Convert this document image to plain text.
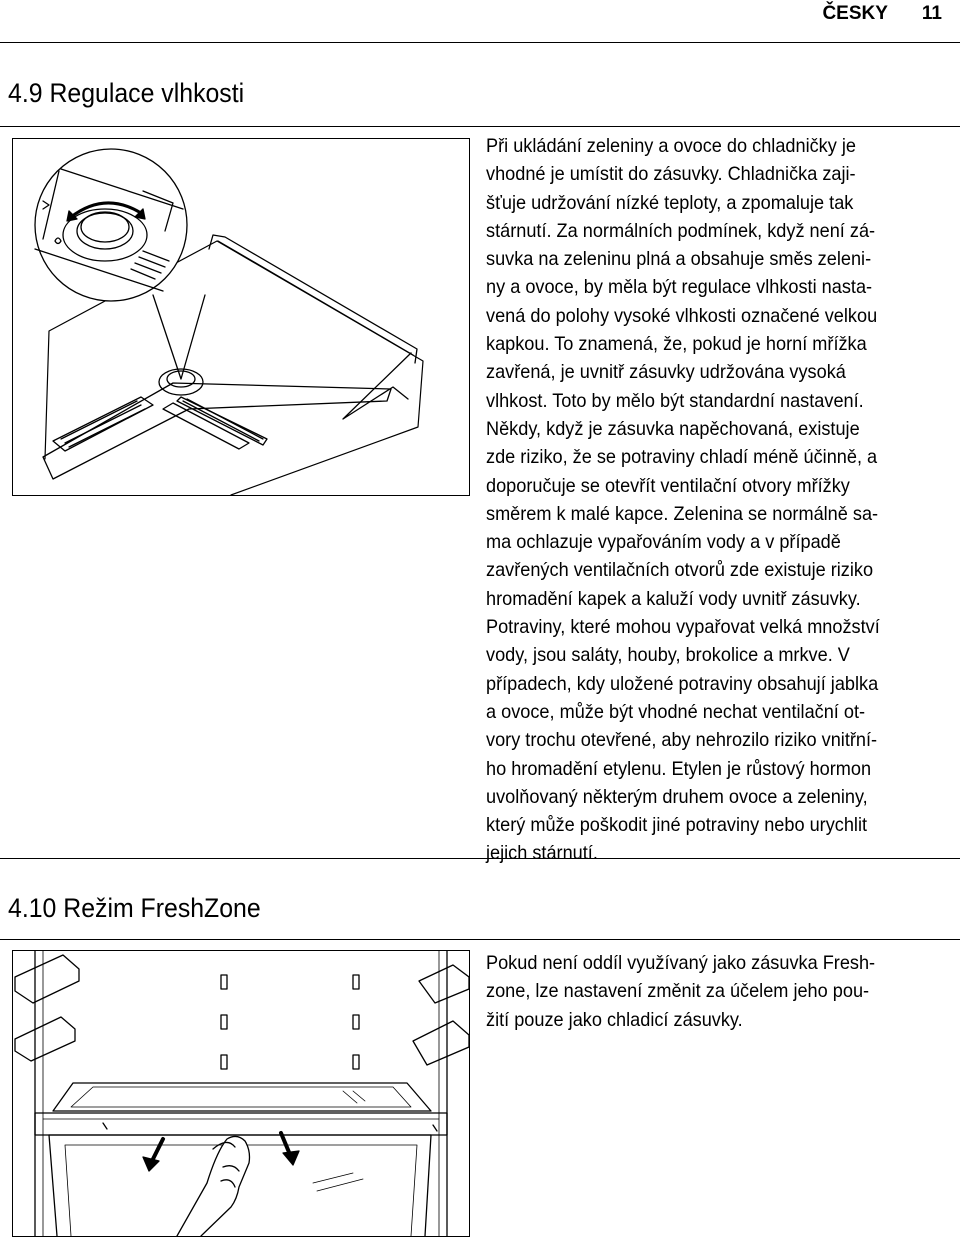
ČESKY 11
4.9 Regulace vlhkosti
Při ukládání zeleniny a ovoce do chladničky je
vhodné je umístit do zásuvky. Chladnička zaji-
šťuje udržování nízké teploty, a zpomaluje tak
stárnutí. Za normálních podmínek, když není zá-
suvka na zeleninu plná a obsahuje směs zeleni-
ny a ovoce, by měla být regulace vlhkosti nasta-
vená do polohy vysoké vlhkosti označené velkou
kapkou. To znamená, že, pokud je horní mřížka
zavřená, je uvnitř zásuvky udržována vysoká
vlhkost. Toto by mělo být standardní nastavení.
Někdy, když je zásuvka napěchovaná, existuje
zde riziko, že se potraviny chladí méně účinně, a
doporučuje se otevřít ventilační otvory mřížky
směrem k malé kapce. Zelenina se normálně sa-
ma ochlazuje vypařováním vody a v případě
zavřených ventilačních otvorů zde existuje riziko
hromadění kapek a kaluží vody uvnitř zásuvky.
Potraviny, které mohou vypařovat velká množství
vody, jsou saláty, houby, brokolice a mrkve. V
případech, kdy uložené potraviny obsahují jablka
a ovoce, může být vhodné nechat ventilační ot-
vory trochu otevřené, aby nehrozilo riziko vnitřní-
ho hromadění etylenu. Etylen je růstový hormon
uvolňovaný některým druhem ovoce a zeleniny,
který může poškodit jiné potraviny nebo urychlit
jejich stárnutí.
4.10 Režim FreshZone
Pokud není oddíl využívaný jako zásuvka Fresh-
zone, lze nastavení změnit za účelem jeho pou-
žití pouze jako chladicí zásuvky.
